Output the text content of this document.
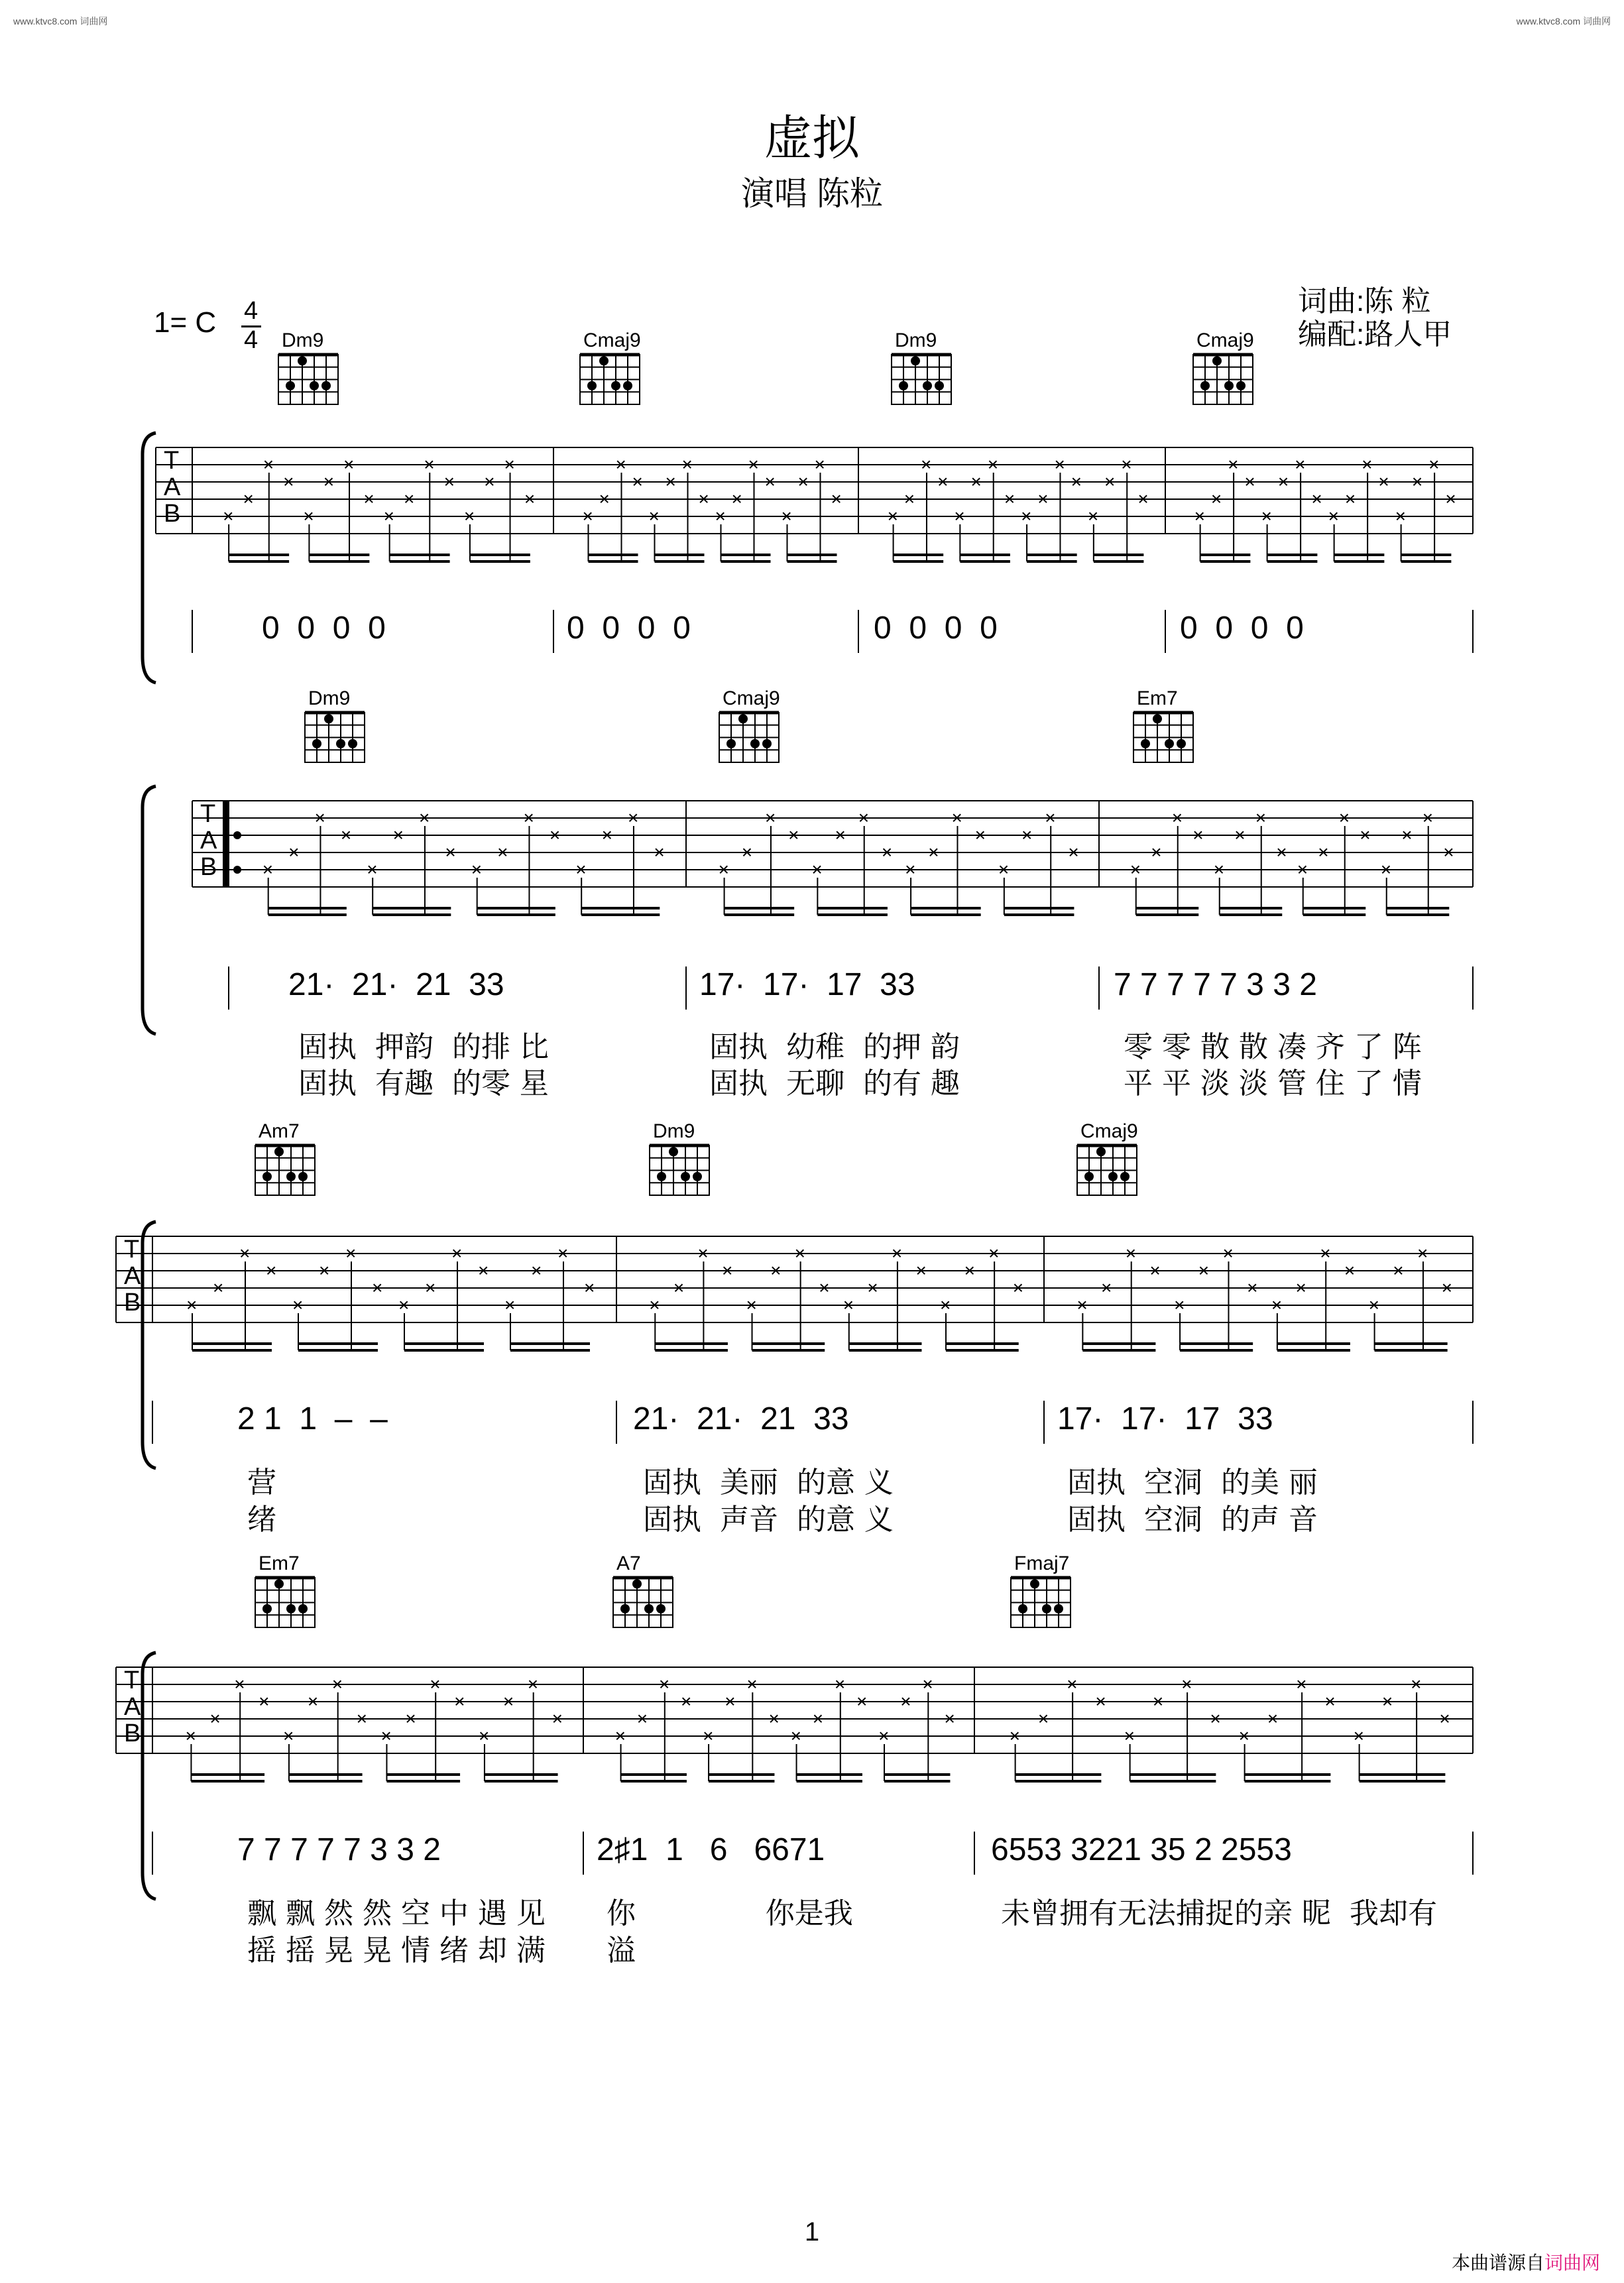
www.ktvc8.com 词曲网	www.ktvc8.com 词曲网
虚拟
演唱 陈粒
词曲:陈 粒
编配:路人甲
1= C 4
4
T
A
B ×
×
×
×
×
×
×
×
×
×
×
×
×
×
×
×
×
×
×
×
×
×
×
×
×
×
×
×
×
×
×
×
×
×
×
×
×
×
×
×
×
×
×
×
×
×
×
×
×
×
×
×
×
×
×
×
×
×
×
×
×
×
×
×
Dm9	Cmaj9	Dm9	Cmaj9
0  0  0  0	0  0  0  0	0  0  0  0	0  0  0  0
T
A
B ×
×
×
×
×
×
×
×
×
×
×
×
×
×
×
×
×
×
×
×
×
×
×
×
×
×
×
×
×
×
×
×
×
×
×
×
×
×
×
×
×
×
×
×
×
×
×
×
Dm9	Cmaj9	Em7
21·  21·  21  33	17·  17·  17  33	7 7 7 7 7 3 3 2
固执  押韵  的排 比	固执  幼稚  的押 韵	零 零 散 散 凑 齐 了 阵
固执  有趣  的零 星	固执  无聊  的有 趣	平 平 淡 淡 管 住 了 情
T
A
B ×
×
×
×
×
×
×
×
×
×
×
×
×
×
×
×
×
×
×
×
×
×
×
×
×
×
×
×
×
×
×
×
×
×
×
×
×
×
×
×
×
×
×
×
×
×
×
×
Am7	Dm9	Cmaj9
2 1  1  –  –	21·  21·  21  33	17·  17·  17  33
营	固执  美丽  的意 义	固执  空洞  的美 丽
绪	固执  声音  的意 义	固执  空洞  的声 音
T
A
B ×
×
×
×
×
×
×
×
×
×
×
×
×
×
×
×
×
×
×
×
×
×
×
×
×
×
×
×
×
×
×
×
×
×
×
×
×
×
×
×
×
×
×
×
×
×
×
×
Em7	A7	Fmaj7
7 7 7 7 7 3 3 2	2♯1  1   6   6671	6553 3221 35 2 2553
飘 飘 然 然 空 中 遇 见 你              你是我	未曾拥有无法捕捉的亲 昵  我却有
摇 摇 晃 晃 情 绪 却 满 溢
1
本曲谱源自 词曲网
